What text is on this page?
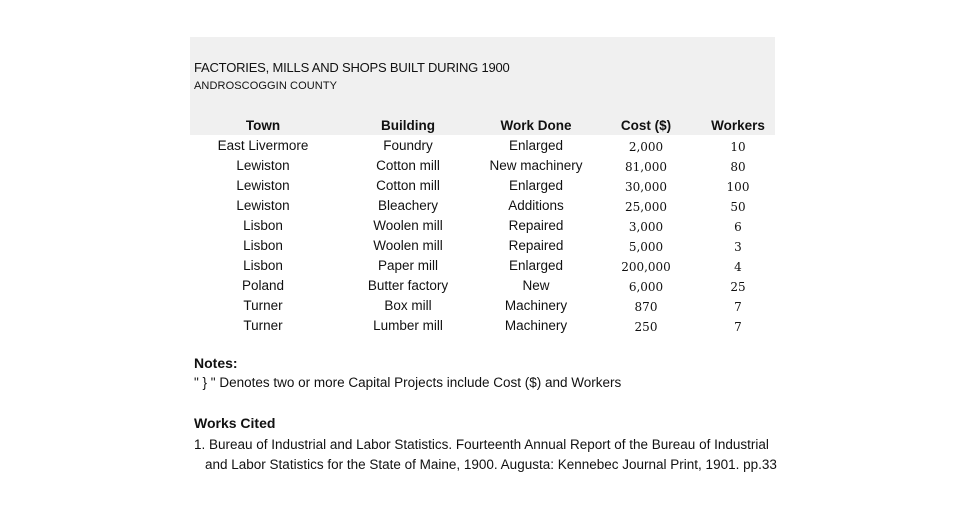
FACTORIES, MILLS AND SHOPS BUILT DURING 1900
ANDROSCOGGIN COUNTY
Town	Building	Work Done	Cost ($)	Workers
East Livermore	Foundry	Enlarged	2,000	10
Lewiston	Cotton mill	New machinery	81,000	80
Lewiston	Cotton mill	Enlarged	30,000	100
Lewiston	Bleachery	Additions	25,000	50
Lisbon	Woolen mill	Repaired	3,000	6
Lisbon	Woolen mill	Repaired	5,000	3
Lisbon	Paper mill	Enlarged	200,000	4
Poland	Butter factory	New	6,000	25
Turner	Box mill	Machinery	870	7
Turner	Lumber mill	Machinery	250	7
Notes:
" } " Denotes two or more Capital Projects include Cost ($) and Workers
Works Cited
1. Bureau of Industrial and Labor Statistics. Fourteenth Annual Report of the Bureau of Industrial
and Labor Statistics for the State of Maine, 1900. Augusta: Kennebec Journal Print, 1901. pp.33
